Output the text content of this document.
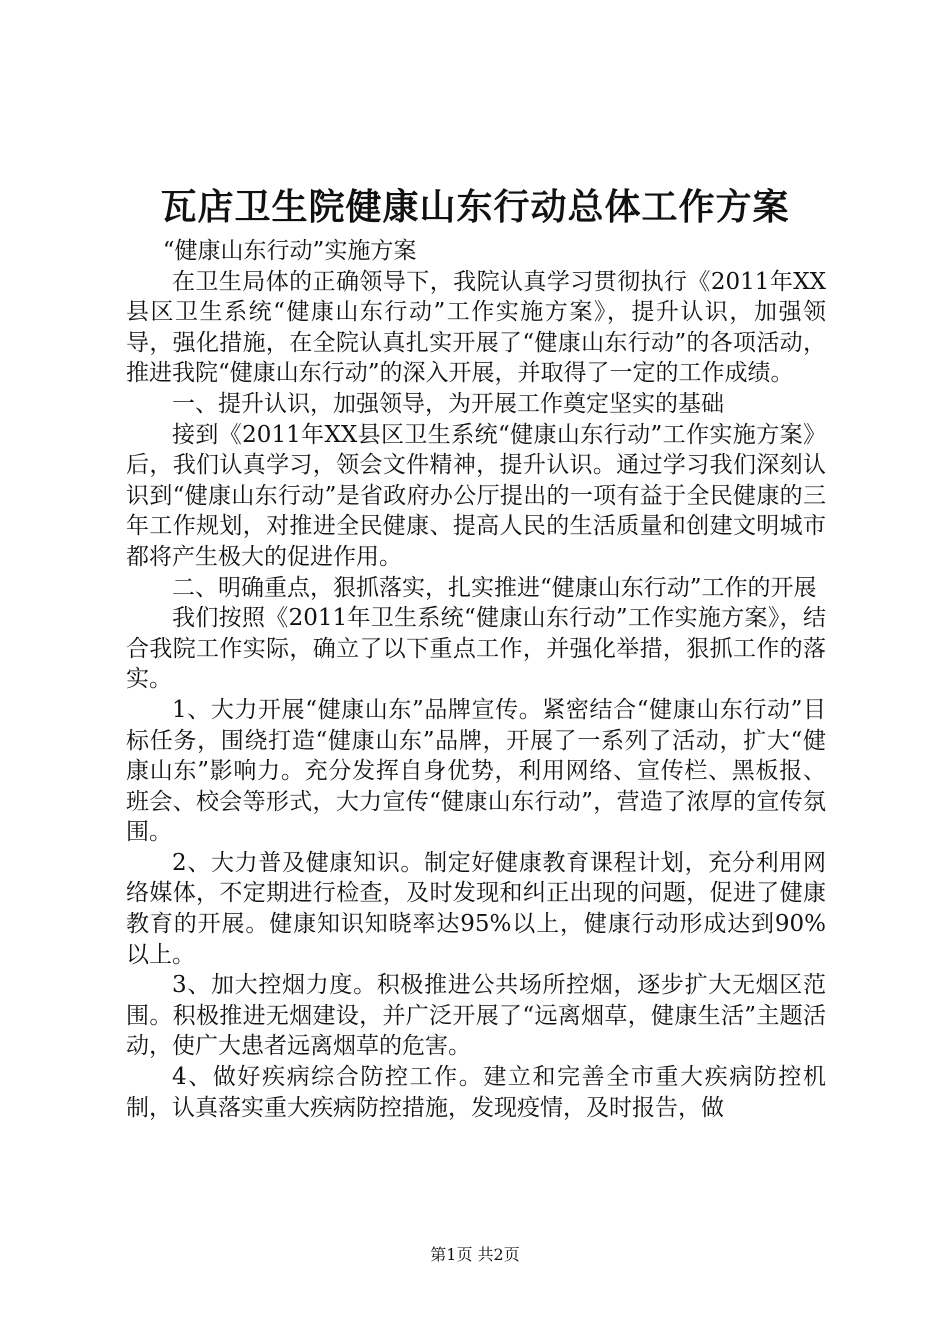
瓦店卫生院健康山东行动总体工作方案

“健康山东行动”实施方案

在卫生局体的正确领导下，我院认真学习贯彻执行《2011年XX县区卫生系统“健康山东行动”工作实施方案》，提升认识，加强领导，强化措施，在全院认真扎实开展了“健康山东行动”的各项活动，推进我院“健康山东行动”的深入开展，并取得了一定的工作成绩。

一、提升认识，加强领导，为开展工作奠定坚实的基础

接到《2011年XX县区卫生系统“健康山东行动”工作实施方案》后，我们认真学习，领会文件精神，提升认识。通过学习我们深刻认识到“健康山东行动”是省政府办公厅提出的一项有益于全民健康的三年工作规划，对推进全民健康、提高人民的生活质量和创建文明城市都将产生极大的促进作用。

二、明确重点，狠抓落实，扎实推进“健康山东行动”工作的开展

我们按照《2011年卫生系统“健康山东行动”工作实施方案》，结合我院工作实际，确立了以下重点工作，并强化举措，狠抓工作的落实。

1、大力开展“健康山东”品牌宣传。紧密结合“健康山东行动”目标任务，围绕打造“健康山东”品牌，开展了一系列了活动，扩大“健康山东”影响力。充分发挥自身优势，利用网络、宣传栏、黑板报、班会、校会等形式，大力宣传“健康山东行动”，营造了浓厚的宣传氛围。

2、大力普及健康知识。制定好健康教育课程计划，充分利用网络媒体，不定期进行检查，及时发现和纠正出现的问题，促进了健康教育的开展。健康知识知晓率达95%以上，健康行动形成达到90%以上。

3、加大控烟力度。积极推进公共场所控烟，逐步扩大无烟区范围。积极推进无烟建设，并广泛开展了“远离烟草，健康生活”主题活动，使广大患者远离烟草的危害。

4、做好疾病综合防控工作。建立和完善全市重大疾病防控机制，认真落实重大疾病防控措施，发现疫情，及时报告，做

第1页 共2页
